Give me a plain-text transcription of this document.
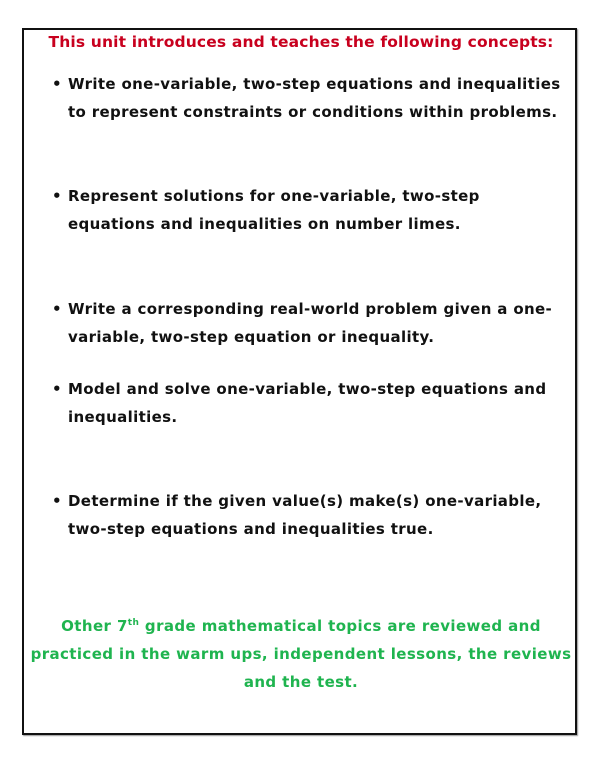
This unit introduces and teaches the following concepts:
• Write one-variable, two-step equations and inequalities to represent constraints or conditions within problems.
• Represent solutions for one-variable, two-step equations and inequalities on number limes.
• Write a corresponding real-world problem given a one-variable, two-step equation or inequality.
• Model and solve one-variable, two-step equations and inequalities.
• Determine if the given value(s) make(s) one-variable, two-step equations and inequalities true.
Other 7th grade mathematical topics are reviewed and practiced in the warm ups, independent lessons, the reviews and the test.
